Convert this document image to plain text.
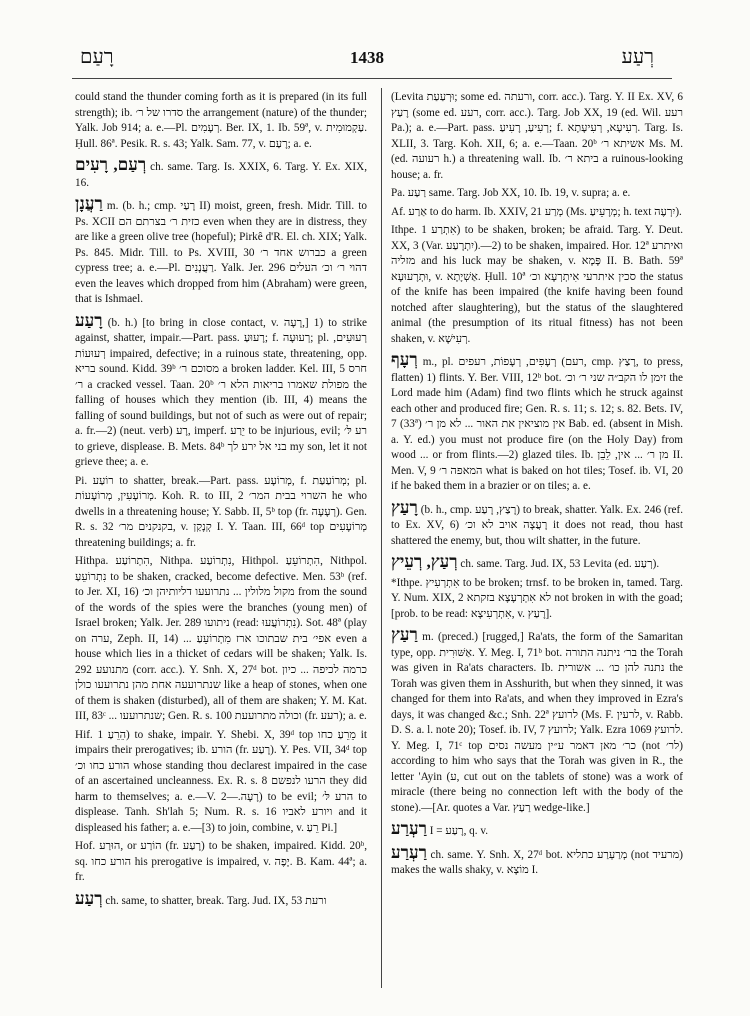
רָעַם	1438	רְעַע
could stand the thunder coming forth as it is prepared (in its full strength); ib. סדרו של ר׳ the arrangement (nature) of the thunder; Yalk. Job 914; a. e.—Pl. רְעָמִים. Ber. IX, 1. Ib. 59ª, v. עַקְמוּמִית. Ḥull. 86ª. Pesik. R. s. 43; Yalk. Sam. 77, v. רָעַם; a. e.
רְעַם, רָעִים ch. same. Targ. Is. XXIX, 6. Targ. Y. Ex. XIX, 16.
רַעֲנָן m. (b. h.; cmp. רָעַי II) moist, green, fresh. Midr. Till. to Ps. XCII כזית ר׳ בצרתם הם even when they are in distress, they are like a green olive tree (hopeful); Pirkê d'R. El. ch. XIX; Yalk. Ps. 845. Midr. Till. to Ps. XVIII, 30 כברוש אחד ר׳ a green cypress tree; a. e.—Pl. רַעֲנָנִים. Yalk. Jer. 296 דהוי ר׳ וכ׳ העלים even the leaves which dropped from him (Abraham) were green, that is Ishmael.
רָעַע (b. h.) [to bring in close contact, v. רָעָה,] 1) to strike against, shatter, impair.—Part. pass. רָעוּעַ; f. רְעוּעָה; pl. רְעוּעִים, רְעוּעוֹת impaired, defective; in a ruinous state, threatening, opp. בריא sound. Kidd. 39ᵇ מסוכם ר׳ a broken ladder. Kel. III, 5 חרס ר׳ a cracked vessel. Taan. 20ᵇ מפולת שאמרו בריאות הלא ר׳ the falling of houses which they mention (ib. III, 4) means the falling of sound buildings, but not of such as were out of repair; a. fr.—2) (neut. verb) רָע, imperf. יֵרַע to be injurious, evil; רע לּ׳ to grieve, displease. B. Mets. 84ᵇ בני אל ירע לך my son, let it not grieve thee; a. e.
Pi. רוֹעַע to shatter, break.—Part. pass. מְרוֹעָע, f. מְרוֹעַעַת; pl. מְרוֹעָעִין, מְרוֹעָעוֹת. Koh. R. to III, 2 השרוי בבית המר׳ he who dwells in a threatening house; Y. Sabb. II, 5ᵇ top (fr. רְעָעָה). Gen. R. s. 32 בקנקנים מר׳, v. קְנָקַן I. Y. Taan. III, 66ᵈ top מְרוֹעָעִים threatening buildings; a. fr.
Hithpa. הִתְרוֹעַע, Nithpa. נִתְרוֹעַע, Hithpol. הִתְרוֹעֵעַ, Nithpol. נִתְרוֹעֵעַ to be shaken, cracked, become defective. Men. 53ᵇ (ref. to Jer. XI, 16) מקול מלולין ... נתרועעו דליותיהן וכ׳ from the sound of the words of the spies were the branches (young men) of Israel broken; Yalk. Jer. 289 ניתועו (read: נִתְרוֹעֲעוּ). Sot. 48ª (play on ערה, Zeph. II, 14) ... אפי׳ בית שבתוכו ארז מִתְרוֹעֵעַ even a house which lies in a thicket of cedars will be shaken; Yalk. Is. 292 מתנועע (corr. acc.). Y. Snh. X, 27ᵈ bot. כרמה לכיפה ... כיון שנתרועעה אחת מהן נתרועעו כולן like a heap of stones, when one of them is shaken (disturbed), all of them are shaken; Y. M. Kat. III, 83ᶜ ... שנתרועעו; Gen. R. s. 100 וכולה מתרועעת (fr. רעע); a. e.
Hif. הֵרֵעַ 1) to shake, impair. Y. Shebi. X, 39ᵈ top מֵרֵעַ כחו it impairs their prerogatives; ib. הורע (fr. רָעַע). Y. Pes. VII, 34ᵈ top הורע כחו וכ׳ whose standing thou declarest impaired in the case of an ascertained uncleanness. Ex. R. s. 8 הרעו לנפשם they did harm to themselves; a. e.—V. רָעָה.—2) to be evil; הרע לּ׳ to displease. Tanh. Sh'lah 5; Num. R. s. 16 ויורע לאביו and it displeased his father; a. e.—[3) to join, combine, v. רֵעַ Pi.]
Hof. הוּרַע, or הוֹרַע (fr. רָעַע) to be shaken, impaired. Kidd. 20ᵇ, sq. הורע כחו his prerogative is impaired, v. יָפֶה. B. Kam. 44ª; a. fr.
רְעַע ch. same, to shatter, break. Targ. Jud. IX, 53 ורעת
(Levita וּרְעַעַת; some ed. ורעתה, corr. acc.). Targ. Y. II Ex. XV, 6 רָעַץ (some ed. רעע, corr. acc.). Targ. Job XX, 19 (ed. Wil. רעע Pa.); a. e.—Part. pass. רְעִיעַ, רָעִיעַ; f. רְעִיעָא, רְעִיעָתָא. Targ. Is. XLII, 3. Targ. Koh. XII, 6; a. e.—Taan. 20ᵇ אשיתא ר׳ Ms. M. (ed. רעועה h.) a threatening wall. Ib. ביתא ר׳ a ruinous-looking house; a. fr.
Pa. רַעַע same. Targ. Job XX, 10. Ib. 19, v. supra; a. e.
Af. אַרַע to do harm. Ib. XXIV, 21 מְרַע (Ms. מְרָעֵיעַ; h. text יִרְעֶה).
Ithpe. אִתְרַע 1) to be shaken, broken; be afraid. Targ. Y. Deut. XX, 3 (Var. יִתְרָעַע).—2) to be shaken, impaired. Hor. 12ª ואיתרע מזליה and his luck may be shaken, v. פָּמָא II. B. Bath. 59ª וּתְרָעוּעָא, v. אַשְׁיָתָא. Ḥull. 10ª סכין איתרעי אִיתְרְעָא וכ׳ the status of the knife has been impaired (the knife having been found notched after slaughtering), but the status of the slaughtered animal (the presumption of its ritual fitness) has not been shaken, v. רְעִישָׁא.
רְעָף m., pl. רְעָפִים, רְעָפוֹת, רעפים (רעם, cmp. רָצַץ, to press, flatten) 1) flints. Y. Ber. VIII, 12ᵇ bot. זימן לו הקב״ה שני ר׳ וכ׳ the Lord made him (Adam) find two flints which he struck against each other and produced fire; Gen. R. s. 11; s. 12; s. 82. Bets. IV, 7 (33ª) אין מוציאין את האור ... לא מן ר׳ Bab. ed. (absent in Mish. a. Y. ed.) you must not produce fire (on the Holy Day) from wood ... or from flints.—2) glazed tiles. Ib. מן ר׳ ... אין, לֵבֵן II. Men. V, 9 המאפה ר׳ what is baked on hot tiles; Tosef. ib. VI, 20 if he baked them in a brazier or on tiles; a. e.
רָעַץ (b. h., cmp. רָצַץ, רָעַע) to break, shatter. Yalk. Ex. 246 (ref. to Ex. XV, 6) רָעֲצָה אויב לא וכ׳ it does not read, thou hast shattered the enemy, but, thou wilt shatter, in the future.
רְעַץ, רְעֵיץ ch. same. Targ. Jud. IX, 53 Levita (ed. רְעַע).
*Ithpe. אִתְרְעִיץ to be broken; trnsf. to be broken in, tamed. Targ. Y. Num. XIX, 2 לא אִתְרְעָצָא בזקתא not broken in with the goad; [prob. to be read: אִתְרְעִיצָא, v. רָעַץ].
רַעַץ m. (preced.) [rugged,] Ra'ats, the form of the Samaritan type, opp. אַשּׁוּרִית. Y. Meg. I, 71ᵇ bot. בר׳ ניתנה התורה the Torah was given in Ra'ats characters. Ib. נתנה להן כו׳ ... אשורית the Torah was given them in Asshurith, but when they sinned, it was changed for them into Ra'ats, and when they improved in Ezra's days, it was changed &c.; Snh. 22ª לרועץ (Ms. F. לרעין, v. Rabb. D. S. a. l. note 20); Tosef. ib. IV, 7 לרועץ; Yalk. Ezra 1069 לרועץ. Y. Meg. I, 71ᶜ top כר׳ מאן דאמר ע״ין מעשה נסים (not לר׳) according to him who says that the Torah was given in R., the letter 'Ayin (ע, cut out on the tablets of stone) was a work of miracle (there being no connection left with the body of the stone).—[Ar. quotes a Var. רַעַץ wedge-like.]
רַעְרַע I = רָעַע, q. v.
רַעְרַע ch. same. Y. Snh. X, 27ᵈ bot. מְרַעְרַע כתליא (not מרעיד) makes the walls shaky, v. מוֹצָא I.
